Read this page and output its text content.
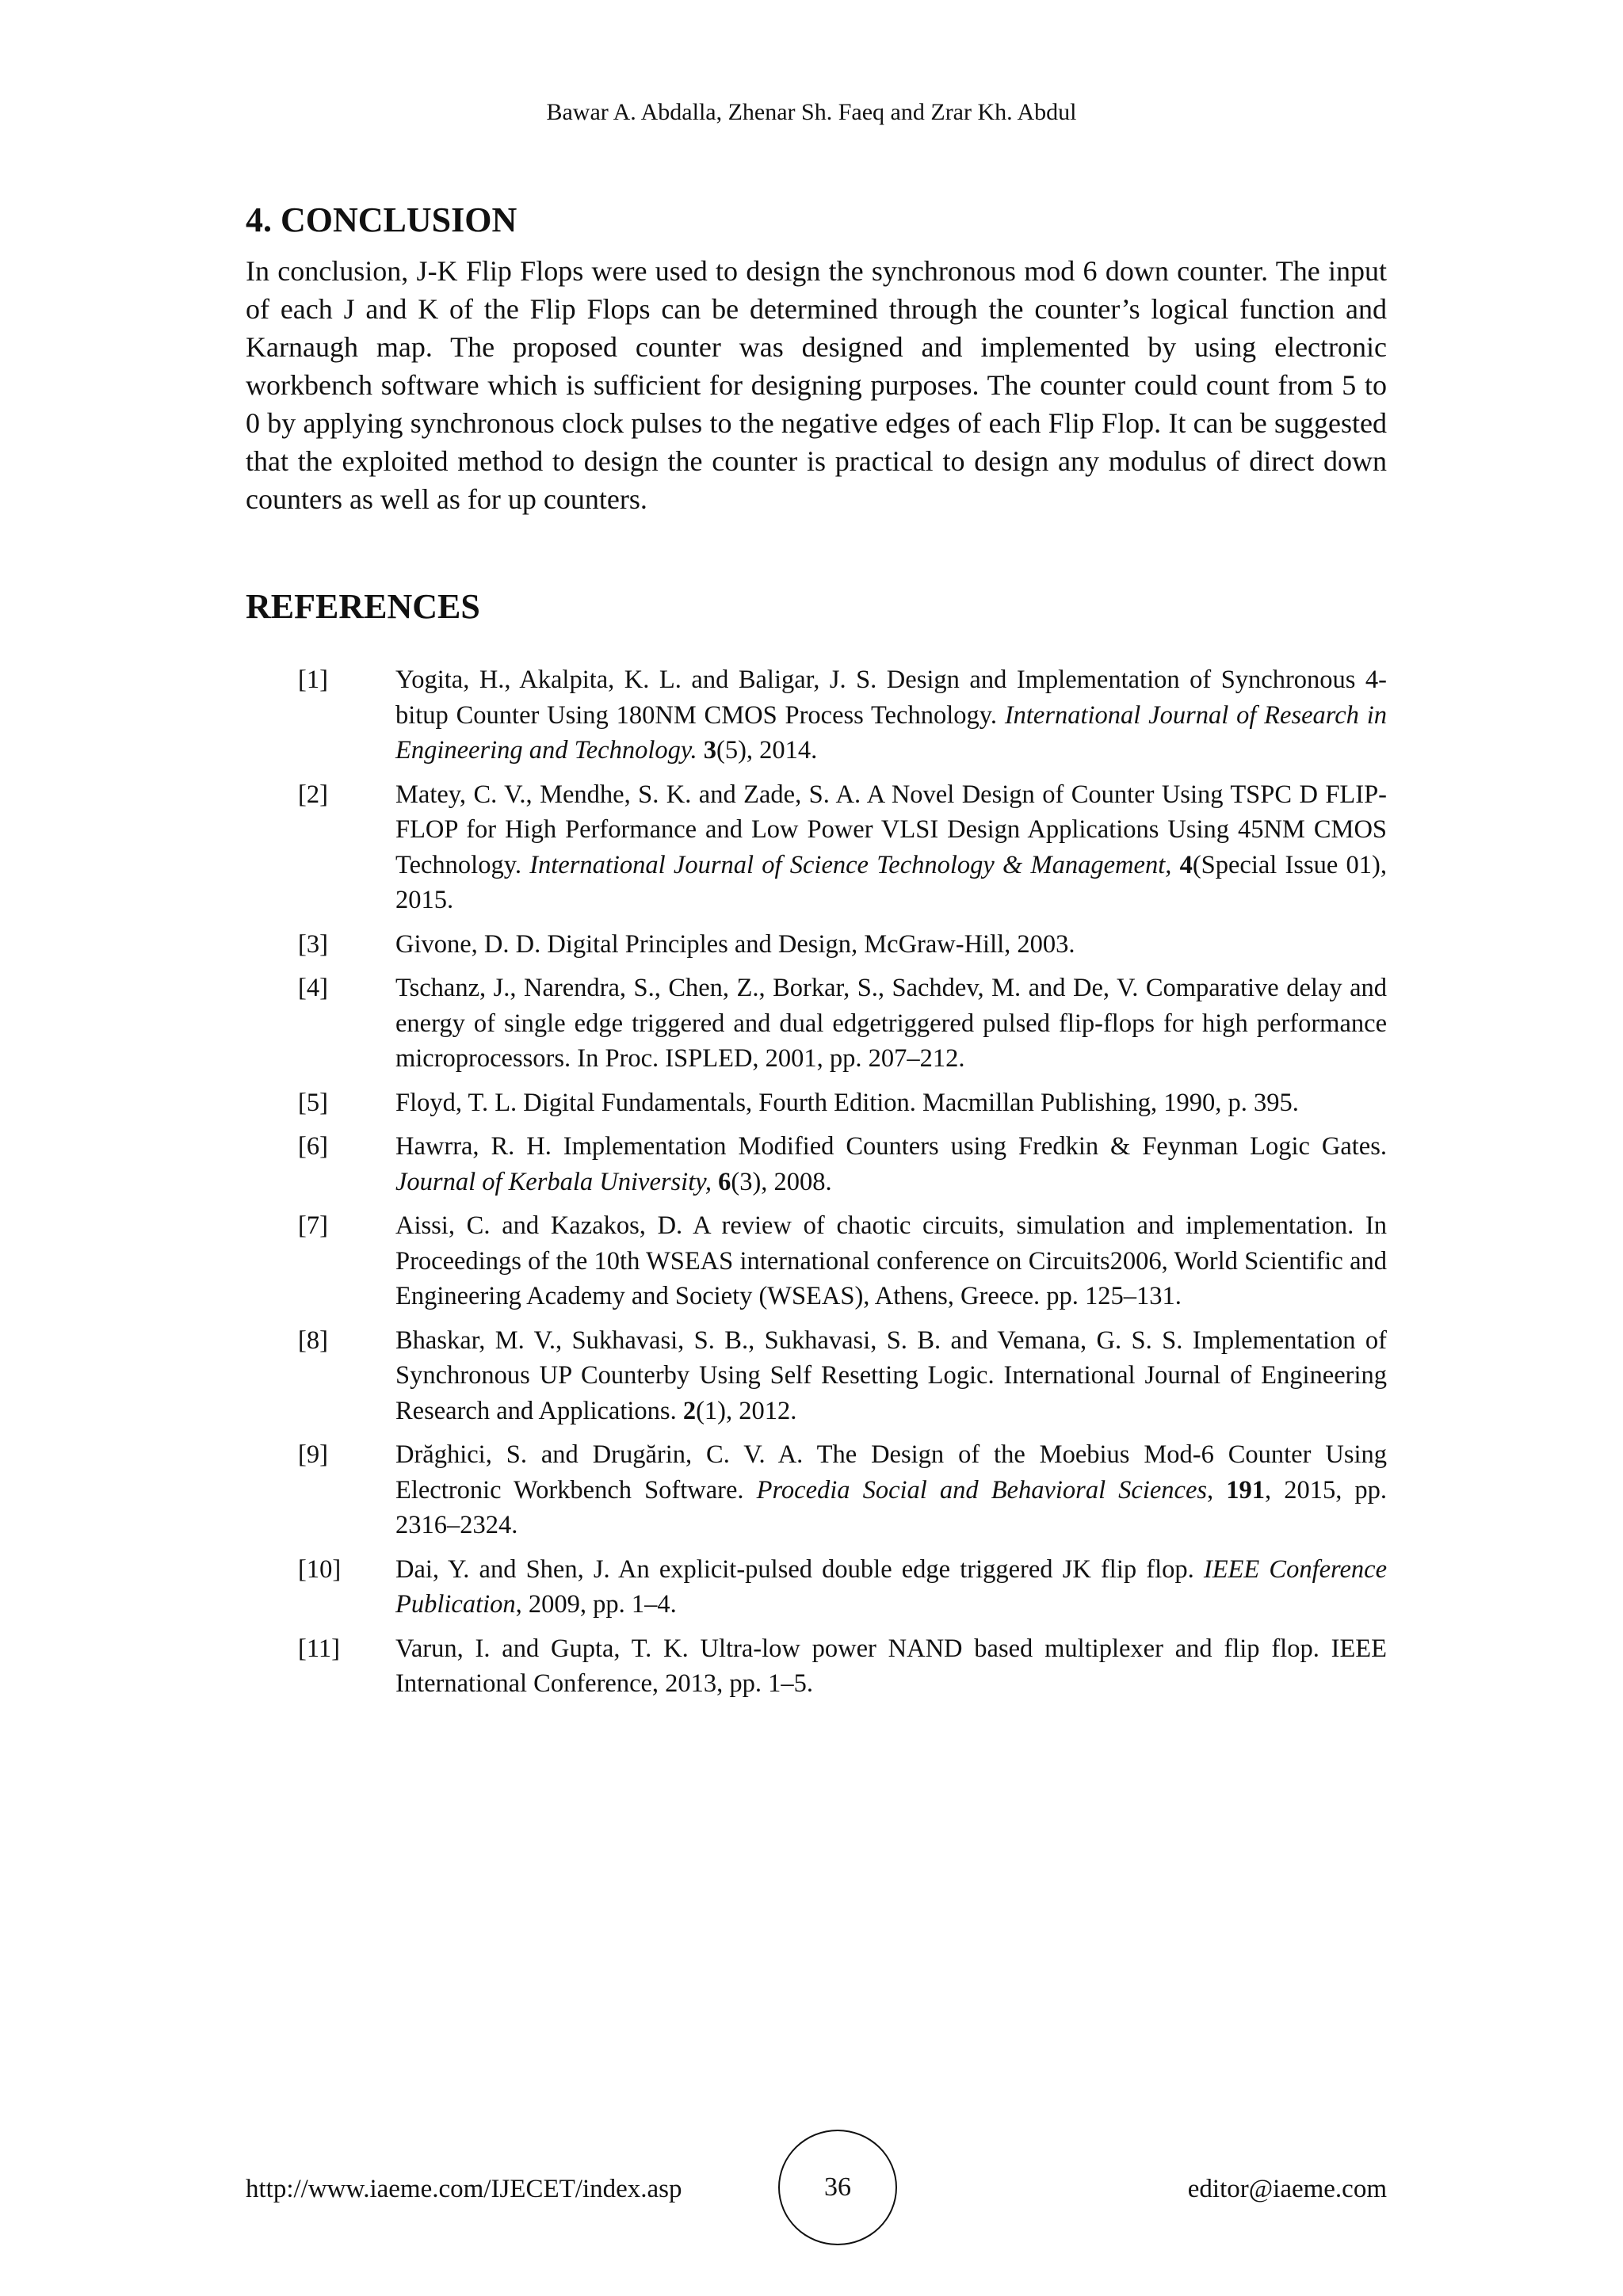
Bawar A. Abdalla, Zhenar Sh. Faeq and Zrar Kh. Abdul
4. CONCLUSION

In conclusion, J-K Flip Flops were used to design the synchronous mod 6 down counter. The input of each J and K of the Flip Flops can be determined through the counter’s logical function and Karnaugh map. The proposed counter was designed and implemented by using electronic workbench software which is sufficient for designing purposes. The counter could count from 5 to 0 by applying synchronous clock pulses to the negative edges of each Flip Flop. It can be suggested that the exploited method to design the counter is practical to design any modulus of direct down counters as well as for up counters.

REFERENCES
[1]	Yogita, H., Akalpita, K. L. and Baligar, J. S. Design and Implementation of Synchronous 4-bitup Counter Using 180NM CMOS Process Technology. International Journal of Research in Engineering and Technology. 3(5), 2014.
[2]	Matey, C. V., Mendhe, S. K. and Zade, S. A. A Novel Design of Counter Using TSPC D FLIP-FLOP for High Performance and Low Power VLSI Design Applications Using 45NM CMOS Technology. International Journal of Science Technology & Management, 4(Special Issue 01), 2015.
[3]	Givone, D. D. Digital Principles and Design, McGraw-Hill, 2003.
[4]	Tschanz, J., Narendra, S., Chen, Z., Borkar, S., Sachdev, M. and De, V. Comparative delay and energy of single edge triggered and dual edgetriggered pulsed flip-flops for high performance microprocessors. In Proc. ISPLED, 2001, pp. 207–212.
[5]	Floyd, T. L. Digital Fundamentals, Fourth Edition. Macmillan Publishing, 1990, p. 395.
[6]	Hawrra, R. H. Implementation Modified Counters using Fredkin & Feynman Logic Gates. Journal of Kerbala University, 6(3), 2008.
[7]	Aissi, C. and Kazakos, D. A review of chaotic circuits, simulation and implementation. In Proceedings of the 10th WSEAS international conference on Circuits2006, World Scientific and Engineering Academy and Society (WSEAS), Athens, Greece. pp. 125–131.
[8]	Bhaskar, M. V., Sukhavasi, S. B., Sukhavasi, S. B. and Vemana, G. S. S. Implementation of Synchronous UP Counterby Using Self Resetting Logic. International Journal of Engineering Research and Applications. 2(1), 2012.
[9]	Drăghici, S. and Drugărin, C. V. A. The Design of the Moebius Mod-6 Counter Using Electronic Workbench Software. Procedia Social and Behavioral Sciences, 191, 2015, pp. 2316–2324.
[10]	Dai, Y. and Shen, J. An explicit-pulsed double edge triggered JK flip flop. IEEE Conference Publication, 2009, pp. 1–4.
[11]	Varun, I. and Gupta, T. K. Ultra-low power NAND based multiplexer and flip flop. IEEE International Conference, 2013, pp. 1–5.
http://www.iaeme.com/IJECET/index.asp	36	editor@iaeme.com
